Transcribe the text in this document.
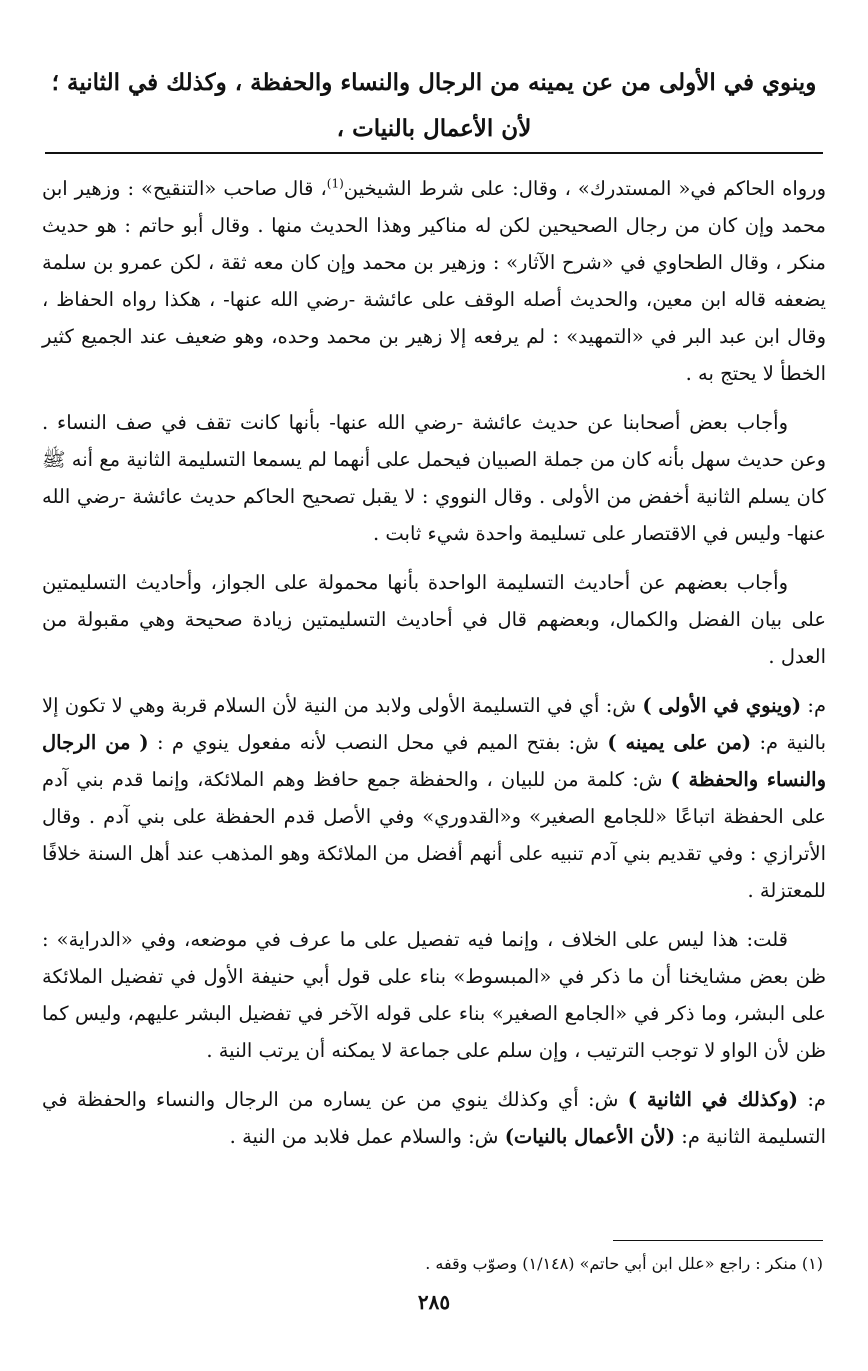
وينوي في الأولى من عن يمينه من الرجال والنساء والحفظة ، وكذلك في الثانية ؛ لأن الأعمال بالنيات ،

ورواه الحاكم في« المستدرك» ، وقال: على شرط الشيخين$^{(1)}$، قال صاحب «التنقيح» : وزهير ابن محمد وإن كان من رجال الصحيحين لكن له مناكير وهذا الحديث منها . وقال أبو حاتم : هو حديث منكر ، وقال الطحاوي في «شرح الآثار» : وزهير بن محمد وإن كان معه ثقة ، لكن عمرو بن سلمة يضعفه قاله ابن معين، والحديث أصله الوقف على عائشة -رضي الله عنها- ، هكذا رواه الحفاظ ، وقال ابن عبد البر في «التمهيد» : لم يرفعه إلا زهير بن محمد وحده، وهو ضعيف عند الجميع كثير الخطأ لا يحتج به .

وأجاب بعض أصحابنا عن حديث عائشة -رضي الله عنها- بأنها كانت تقف في صف النساء . وعن حديث سهل بأنه كان من جملة الصبيان فيحمل على أنهما لم يسمعا التسليمة الثانية مع أنه ﷺ كان يسلم الثانية أخفض من الأولى . وقال النووي : لا يقبل تصحيح الحاكم حديث عائشة -رضي الله عنها- وليس في الاقتصار على تسليمة واحدة شيء ثابت .

وأجاب بعضهم عن أحاديث التسليمة الواحدة بأنها محمولة على الجواز، وأحاديث التسليمتين على بيان الفضل والكمال، وبعضهم قال في أحاديث التسليمتين زيادة صحيحة وهي مقبولة من العدل .

م: (وينوي في الأولى ) ش: أي في التسليمة الأولى ولابد من النية لأن السلام قربة وهي لا تكون إلا بالنية م: (من على يمينه ) ش: بفتح الميم في محل النصب لأنه مفعول ينوي م : ( من الرجال والنساء والحفظة ) ش: كلمة من للبيان ، والحفظة جمع حافظ وهم الملائكة، وإنما قدم بني آدم على الحفظة اتباعًا «للجامع الصغير» و«القدوري» وفي الأصل قدم الحفظة على بني آدم . وقال الأترازي : وفي تقديم بني آدم تنبيه على أنهم أفضل من الملائكة وهو المذهب عند أهل السنة خلافًا للمعتزلة .

قلت: هذا ليس على الخلاف ، وإنما فيه تفصيل على ما عرف في موضعه، وفي «الدراية» : ظن بعض مشايخنا أن ما ذكر في «المبسوط» بناء على قول أبي حنيفة الأول في تفضيل الملائكة على البشر، وما ذكر في «الجامع الصغير» بناء على قوله الآخر في تفضيل البشر عليهم، وليس كما ظن لأن الواو لا توجب الترتيب ، وإن سلم على جماعة لا يمكنه أن يرتب النية .

م: (وكذلك في الثانية ) ش: أي وكذلك ينوي من عن يساره من الرجال والنساء والحفظة في التسليمة الثانية م: (لأن الأعمال بالنيات) ش: والسلام عمل فلابد من النية .

(١) منكر : راجع «علل ابن أبي حاتم» (١/١٤٨) وصوّب وقفه .
٢٨٥
